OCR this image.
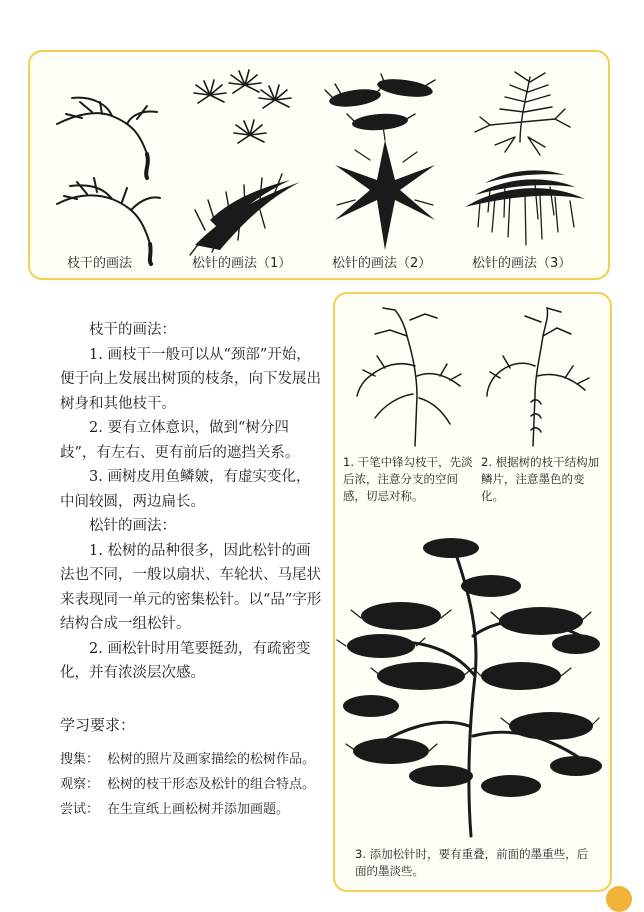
枝干的画法	松针的画法（1）	松针的画法（2）	松针的画法（3）

枝干的画法：

1. 画枝干一般可以从“颈部”开始，便于向上发展出树顶的枝条，向下发展出树身和其他枝干。

2. 要有立体意识，做到“树分四歧”，有左右、更有前后的遮挡关系。

3. 画树皮用鱼鳞皴，有虚实变化，中间较圆，两边扁长。

松针的画法：

1. 松树的品种很多，因此松针的画法也不同，一般以扇状、车轮状、马尾状来表现同一单元的密集松针。以“品”字形结构合成一组松针。

2. 画松针时用笔要挺劲，有疏密变化，并有浓淡层次感。

学习要求：
搜集： 松树的照片及画家描绘的松树作品。
观察： 松树的枝干形态及松针的组合特点。
尝试： 在生宣纸上画松树并添加画题。
1. 干笔中锋勾枝干，先淡后浓，注意分支的空间感，切忌对称。
2. 根据树的枝干结构加鳞片，注意墨色的变化。
3. 添加松针时，要有重叠，前面的墨重些，后面的墨淡些。
